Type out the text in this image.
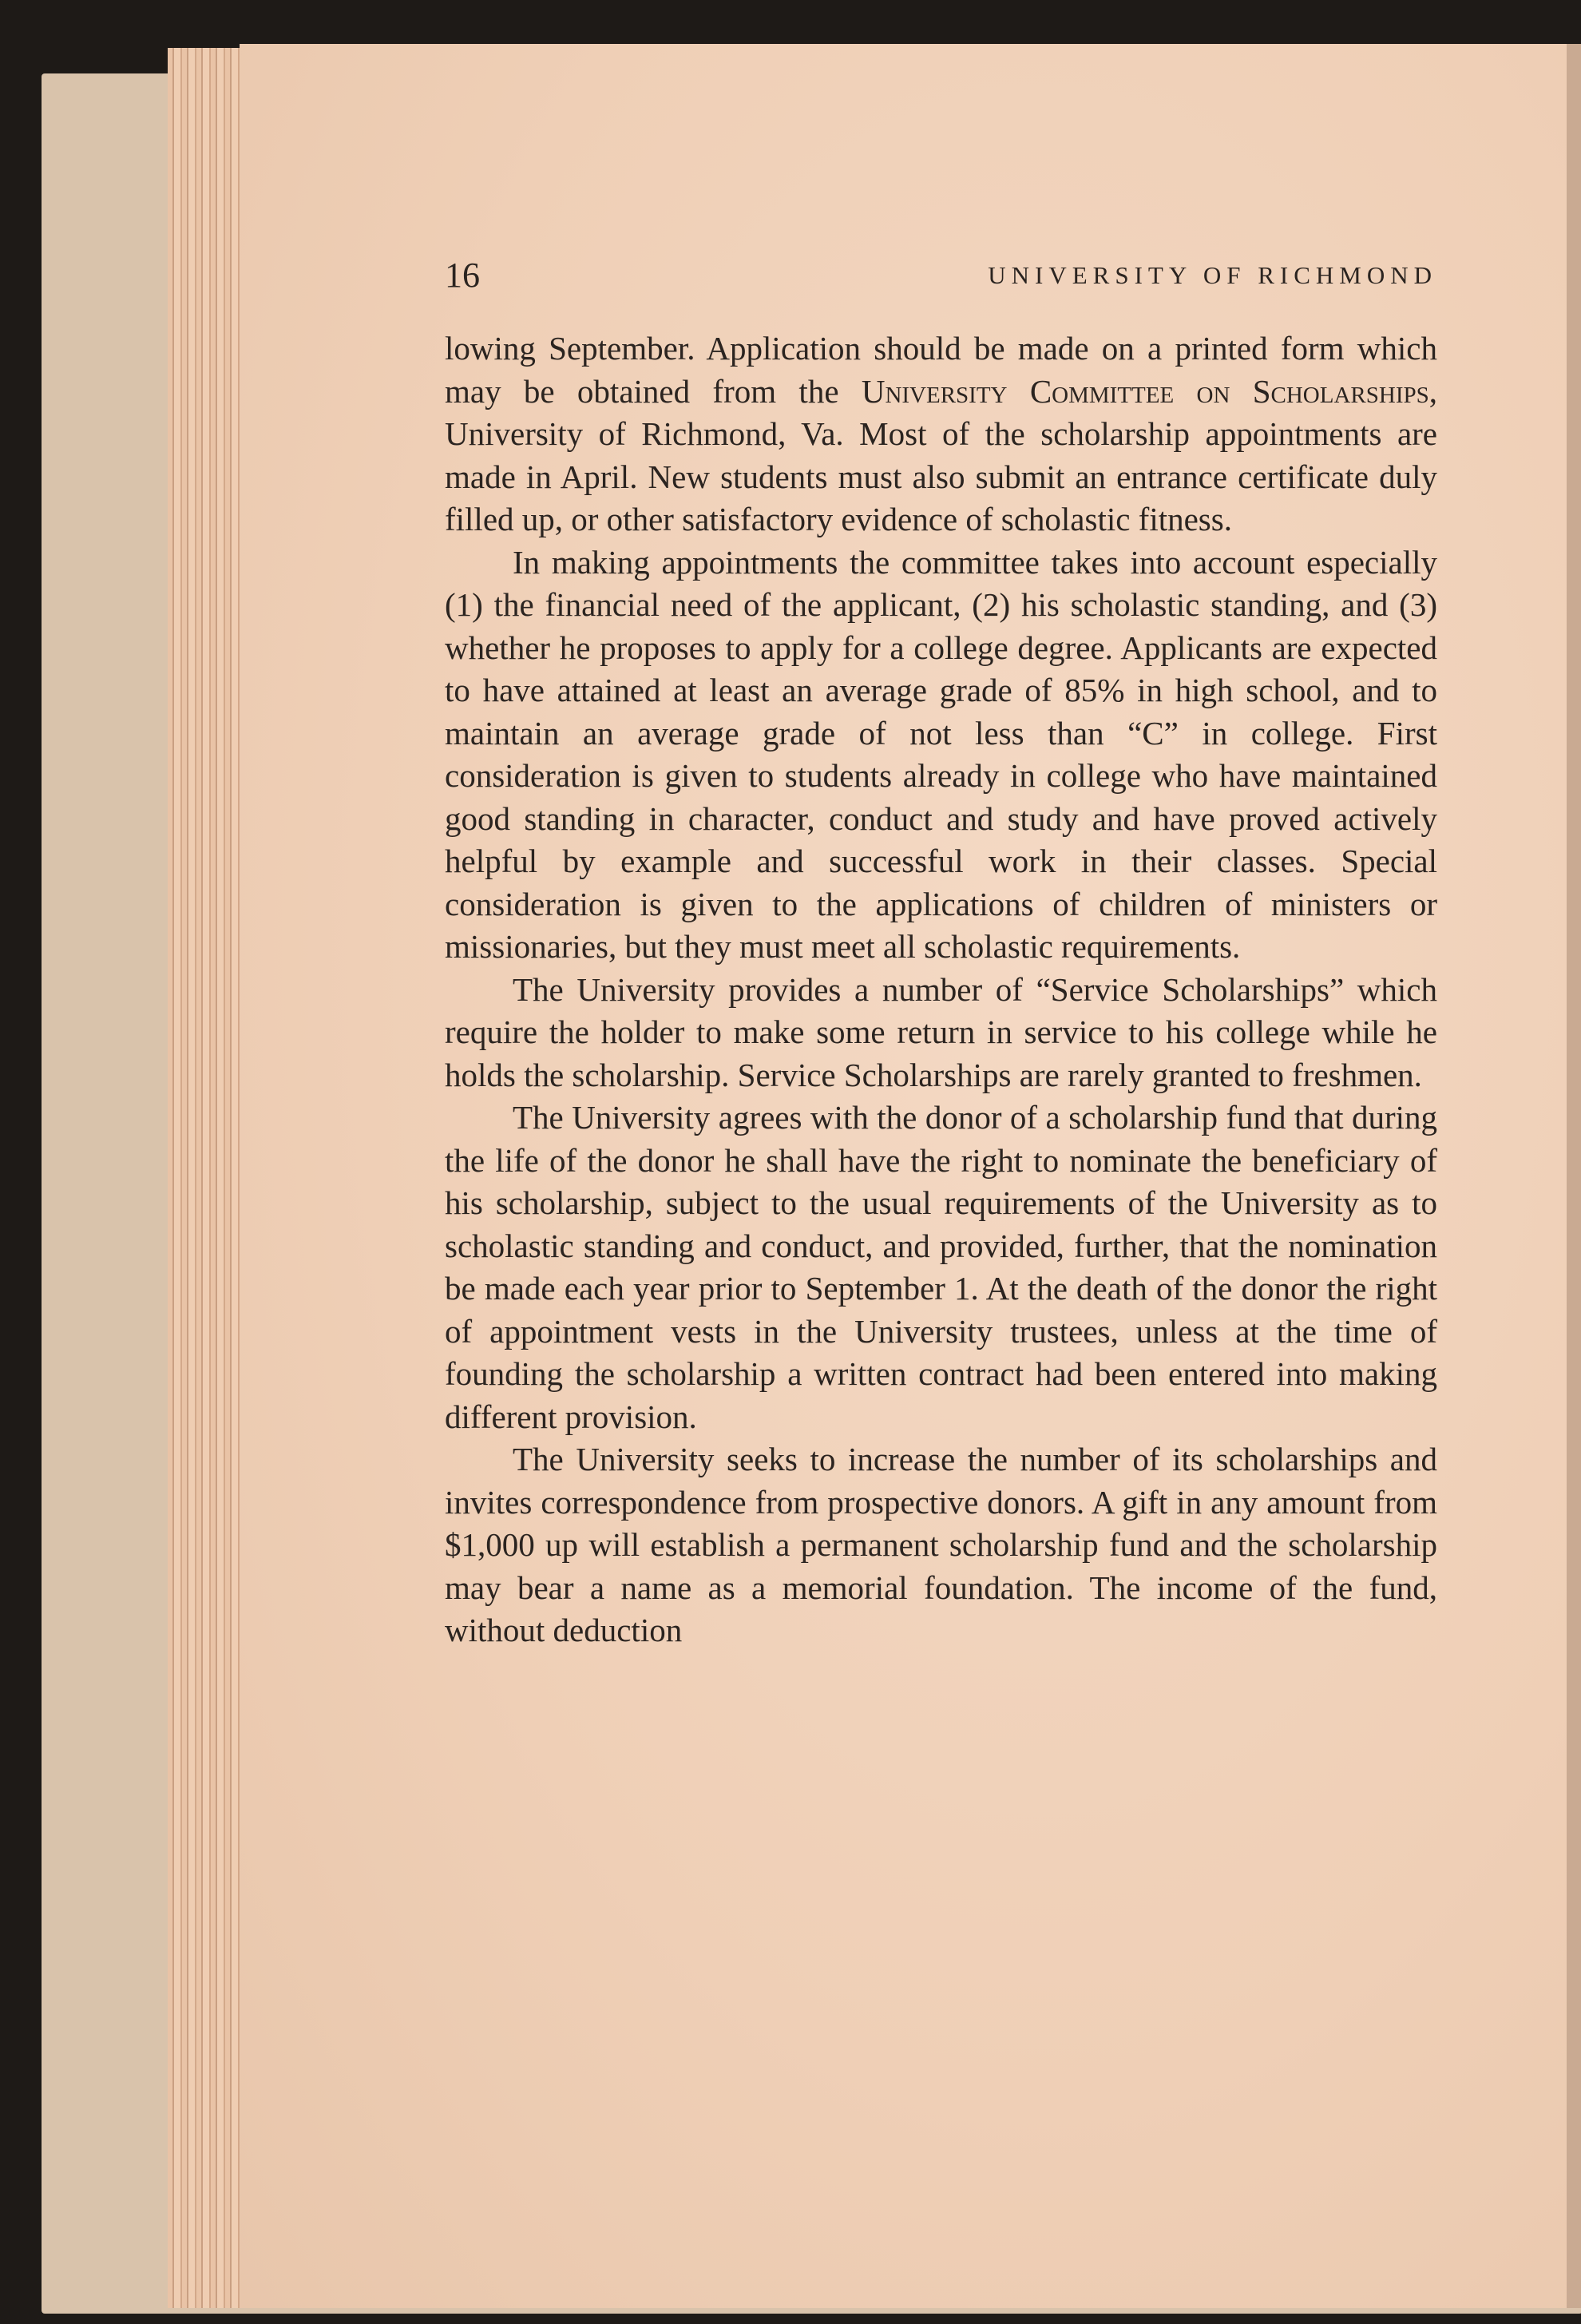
16	UNIVERSITY OF RICHMOND

lowing September. Application should be made on a printed form which may be obtained from the University Committee on Scholarships, University of Richmond, Va. Most of the scholarship appointments are made in April. New students must also submit an entrance certificate duly filled up, or other satisfactory evidence of scholastic fitness.

In making appointments the committee takes into account especially (1) the financial need of the applicant, (2) his scholastic standing, and (3) whether he proposes to apply for a college degree. Applicants are expected to have attained at least an average grade of 85% in high school, and to maintain an average grade of not less than “C” in college. First consideration is given to students already in college who have maintained good standing in character, conduct and study and have proved actively helpful by example and successful work in their classes. Special consideration is given to the applications of children of ministers or missionaries, but they must meet all scholastic requirements.

The University provides a number of “Service Scholarships” which require the holder to make some return in service to his college while he holds the scholarship. Service Scholarships are rarely granted to freshmen.

The University agrees with the donor of a scholarship fund that during the life of the donor he shall have the right to nominate the beneficiary of his scholarship, subject to the usual requirements of the University as to scholastic standing and conduct, and provided, further, that the nomination be made each year prior to September 1. At the death of the donor the right of appointment vests in the University trustees, unless at the time of founding the scholarship a written contract had been entered into making different provision.

The University seeks to increase the number of its scholarships and invites correspondence from prospective donors. A gift in any amount from $1,000 up will establish a permanent scholarship fund and the scholarship may bear a name as a memorial foundation. The income of the fund, without deduction
